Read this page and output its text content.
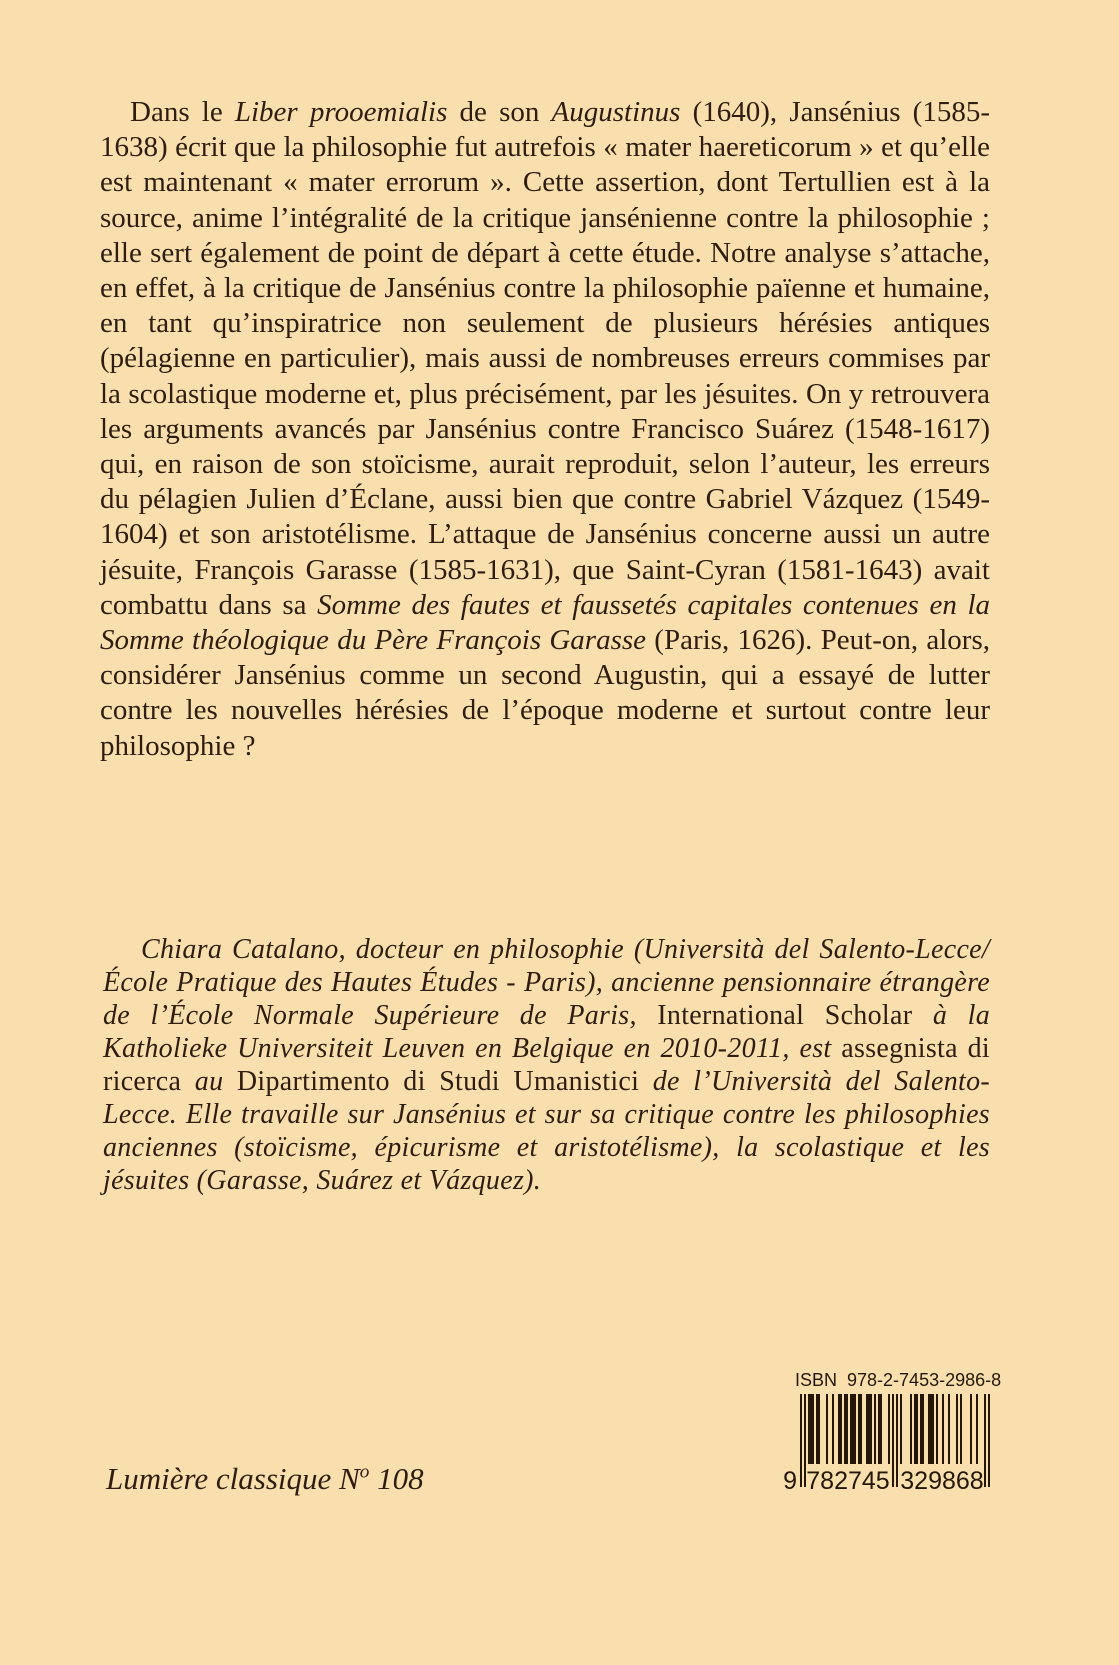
Dans le Liber prooemialis de son Augustinus (1640), Jansénius (1585-1638) écrit que la philosophie fut autrefois « mater haereticorum » et qu’elle est maintenant « mater errorum ». Cette assertion, dont Tertullien est à la source, anime l’intégralité de la critique jansénienne contre la philosophie ; elle sert également de point de départ à cette étude. Notre analyse s’attache, en effet, à la critique de Jansénius contre la philosophie païenne et humaine, en tant qu’inspiratrice non seulement de plusieurs hérésies antiques (pélagienne en particulier), mais aussi de nombreuses erreurs commises par la scolastique moderne et, plus précisément, par les jésuites. On y retrouvera les arguments avancés par Jansénius contre Francisco Suárez (1548-1617) qui, en raison de son stoïcisme, aurait reproduit, selon l’auteur, les erreurs du pélagien Julien d’Éclane, aussi bien que contre Gabriel Vázquez (1549-1604) et son aristotélisme. L’attaque de Jansénius concerne aussi un autre jésuite, François Garasse (1585-1631), que Saint-Cyran (1581-1643) avait combattu dans sa Somme des fautes et faussetés capitales contenues en la Somme théologique du Père François Garasse (Paris, 1626). Peut-on, alors, considérer Jansénius comme un second Augustin, qui a essayé de lutter contre les nouvelles hérésies de l’époque moderne et surtout contre leur philosophie ?

Chiara Catalano, docteur en philosophie (Università del Salento-Lecce/École Pratique des Hautes Études - Paris), ancienne pensionnaire étrangère de l’École Normale Supérieure de Paris, International Scholar à la Katholieke Universiteit Leuven en Belgique en 2010-2011, est assegnista di ricerca au Dipartimento di Studi Umanistici de l’Università del Salento-Lecce. Elle travaille sur Jansénius et sur sa critique contre les philosophies anciennes (stoïcisme, épicurisme et aristotélisme), la scolastique et les jésuites (Garasse, Suárez et Vázquez).

ISBN  978-2-7453-2986-8
9 782745 329868
Lumière classique $N^o$ 108
